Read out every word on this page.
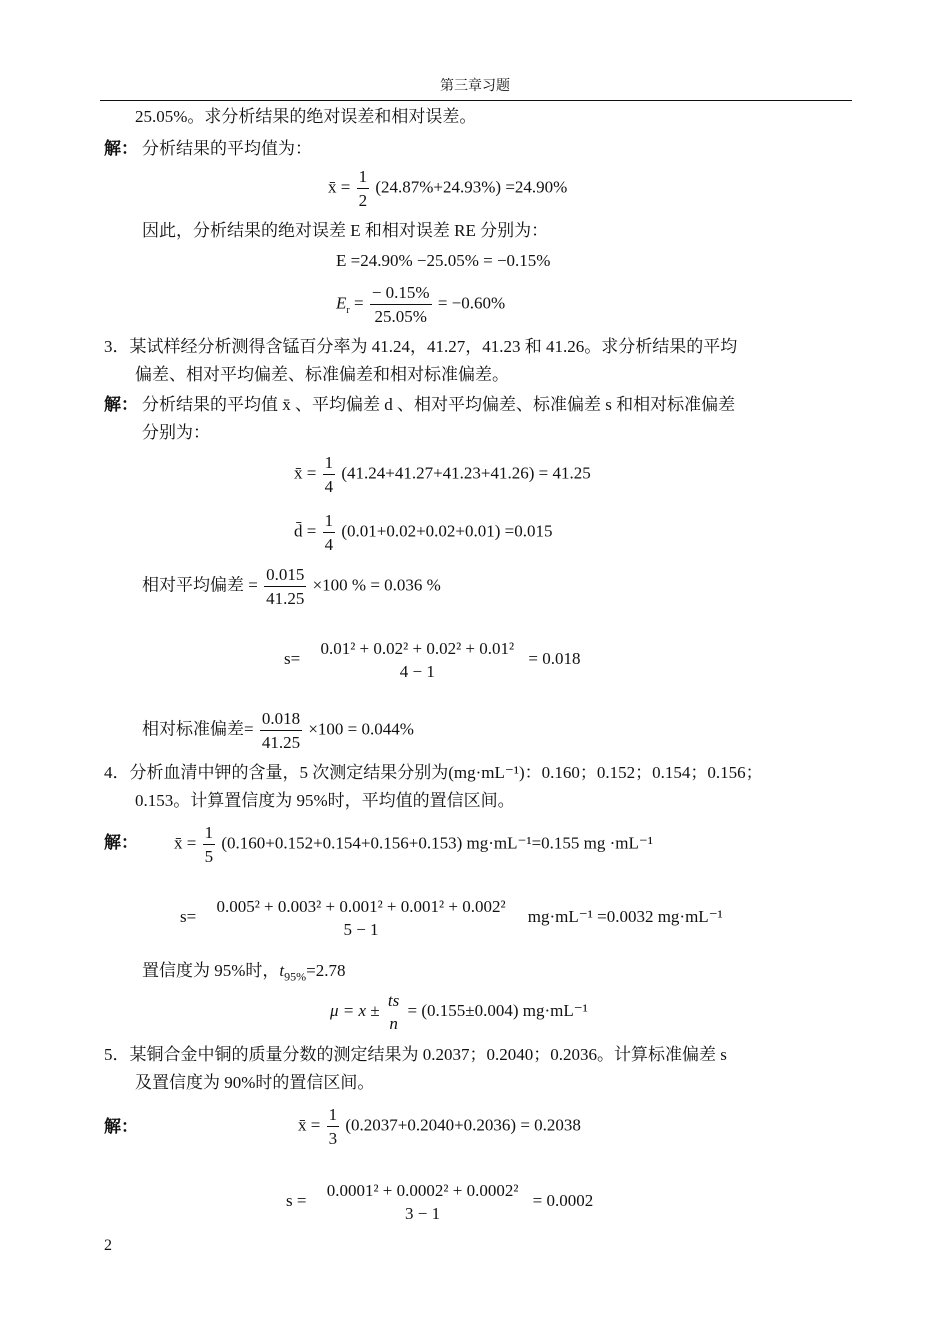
第三章习题
25.05%。求分析结果的绝对误差和相对误差。
解： 分析结果的平均值为：
x̄ = $\frac{1}{2} (24.87\%+24.93\%) =24.90\%$
因此，分析结果的绝对误差 E 和相对误差 RE 分别为：
E =24.90% −25.05% = −0.15%
$E_r = \frac{- 0.15\%}{25.05\%} = -0.60\%$
3．某试样经分析测得含锰百分率为 41.24，41.27，41.23 和 41.26。求分析结果的平均
偏差、相对平均偏差、标准偏差和相对标准偏差。
解： 分析结果的平均值 x̄ 、平均偏差 d 、相对平均偏差、标准偏差 s 和相对标准偏差
分别为：
x̄ = $\frac{1}{4} (41.24+41.27+41.23+41.26) = 41.25$
d̄ = $\frac{1}{4} (0.01+0.02+0.02+0.01) =0.015$
相对平均偏差 = $\frac{0.015}{41.25} \times 100$ % = 0.036 %
s=
0.01² + 0.02² + 0.02² + 0.01²
4 − 1
= 0.018
相对标准偏差= $\frac{0.018}{41.25} \times 100 = 0.044\%$
4．分析血清中钾的含量，5 次测定结果分别为(mg·mL⁻¹)：0.160；0.152；0.154；0.156；
0.153。计算置信度为 95%时，平均值的置信区间。
解： x̄ = $\frac{1}{5} (0.160+0.152+0.154+0.156+0.153)$ mg·mL⁻¹=0.155 mg ·mL⁻¹
s=
0.005² + 0.003² + 0.001² + 0.001² + 0.002²
5 − 1
mg·mL⁻¹ =0.0032 mg·mL⁻¹
置信度为 95%时，$t_{95\%}=2.78$
μ = x ±
ts
n
= (0.155±0.004) mg·mL⁻¹
5．某铜合金中铜的质量分数的测定结果为 0.2037；0.2040；0.2036。计算标准偏差 s
及置信度为 90%时的置信区间。
解：	x̄ = $\frac{1}{3} (0.2037+0.2040+0.2036) = 0.2038$
s =
0.0001² + 0.0002² + 0.0002²
3 − 1
= 0.0002
2
